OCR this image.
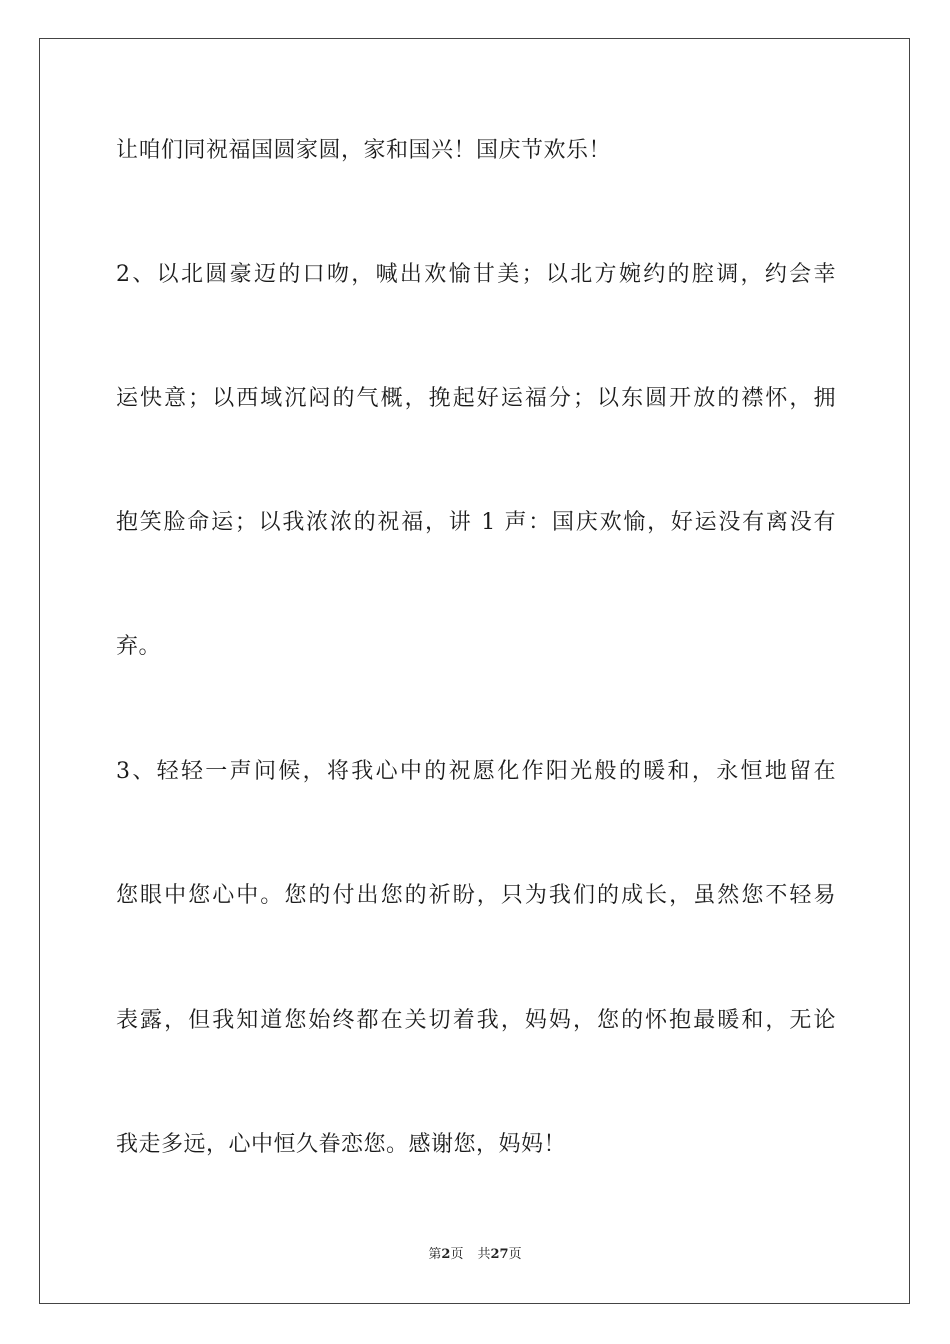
让咱们同祝福国圆家圆，家和国兴！国庆节欢乐！
2、以北圆豪迈的口吻，喊出欢愉甘美；以北方婉约的腔调，约会幸
运快意；以西域沉闷的气概，挽起好运福分；以东圆开放的襟怀，拥
抱笑脸命运；以我浓浓的祝福，讲 1 声：国庆欢愉，好运没有离没有
弃。
3、轻轻一声问候，将我心中的祝愿化作阳光般的暖和，永恒地留在
您眼中您心中。您的付出您的祈盼，只为我们的成长，虽然您不轻易
表露，但我知道您始终都在关切着我，妈妈，您的怀抱最暖和，无论
我走多远，心中恒久眷恋您。感谢您，妈妈！
第2页 共27页
